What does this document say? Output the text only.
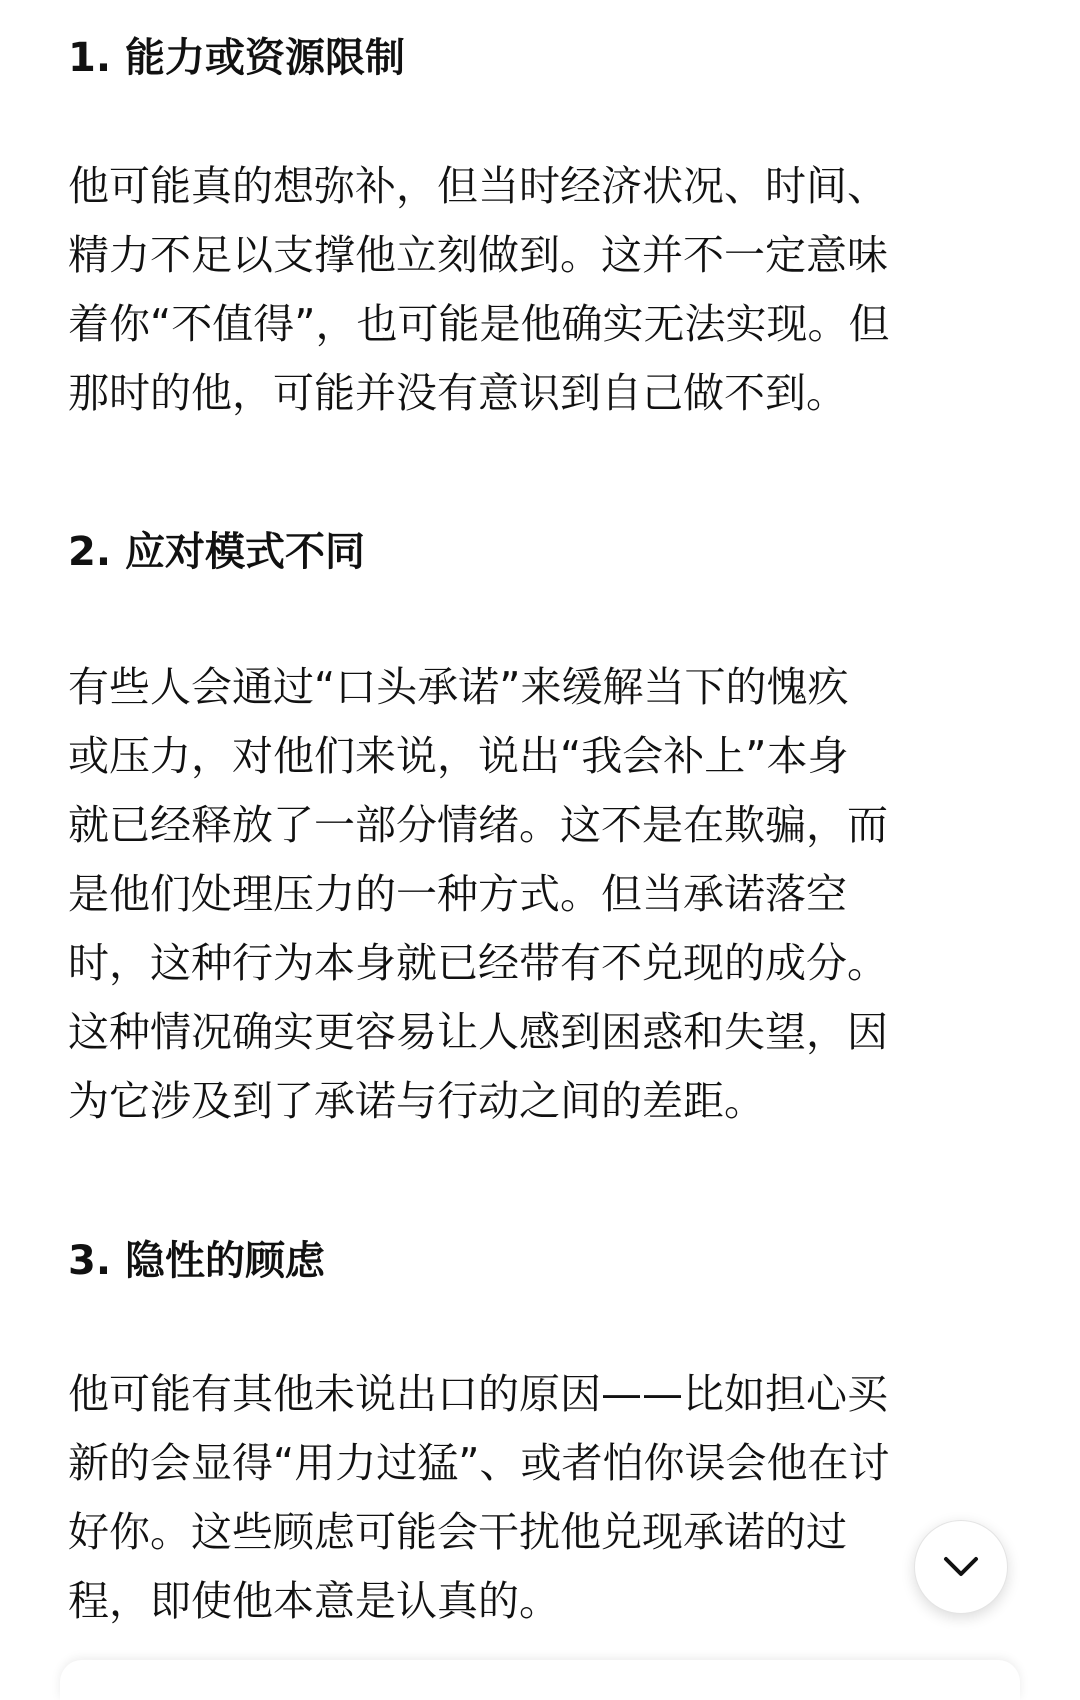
1. 能力或资源限制

他可能真的想弥补，但当时经济状况、时间、
精力不足以支撑他立刻做到。这并不一定意味
着你“不值得”，也可能是他确实无法实现。但
那时的他，可能并没有意识到自己做不到。

2. 应对模式不同

有些人会通过“口头承诺”来缓解当下的愧疚
或压力，对他们来说，说出“我会补上”本身
就已经释放了一部分情绪。这不是在欺骗，而
是他们处理压力的一种方式。但当承诺落空
时，这种行为本身就已经带有不兑现的成分。
这种情况确实更容易让人感到困惑和失望，因
为它涉及到了承诺与行动之间的差距。

3. 隐性的顾虑

他可能有其他未说出口的原因——比如担心买
新的会显得“用力过猛”、或者怕你误会他在讨
好你。这些顾虑可能会干扰他兑现承诺的过
程，即使他本意是认真的。
